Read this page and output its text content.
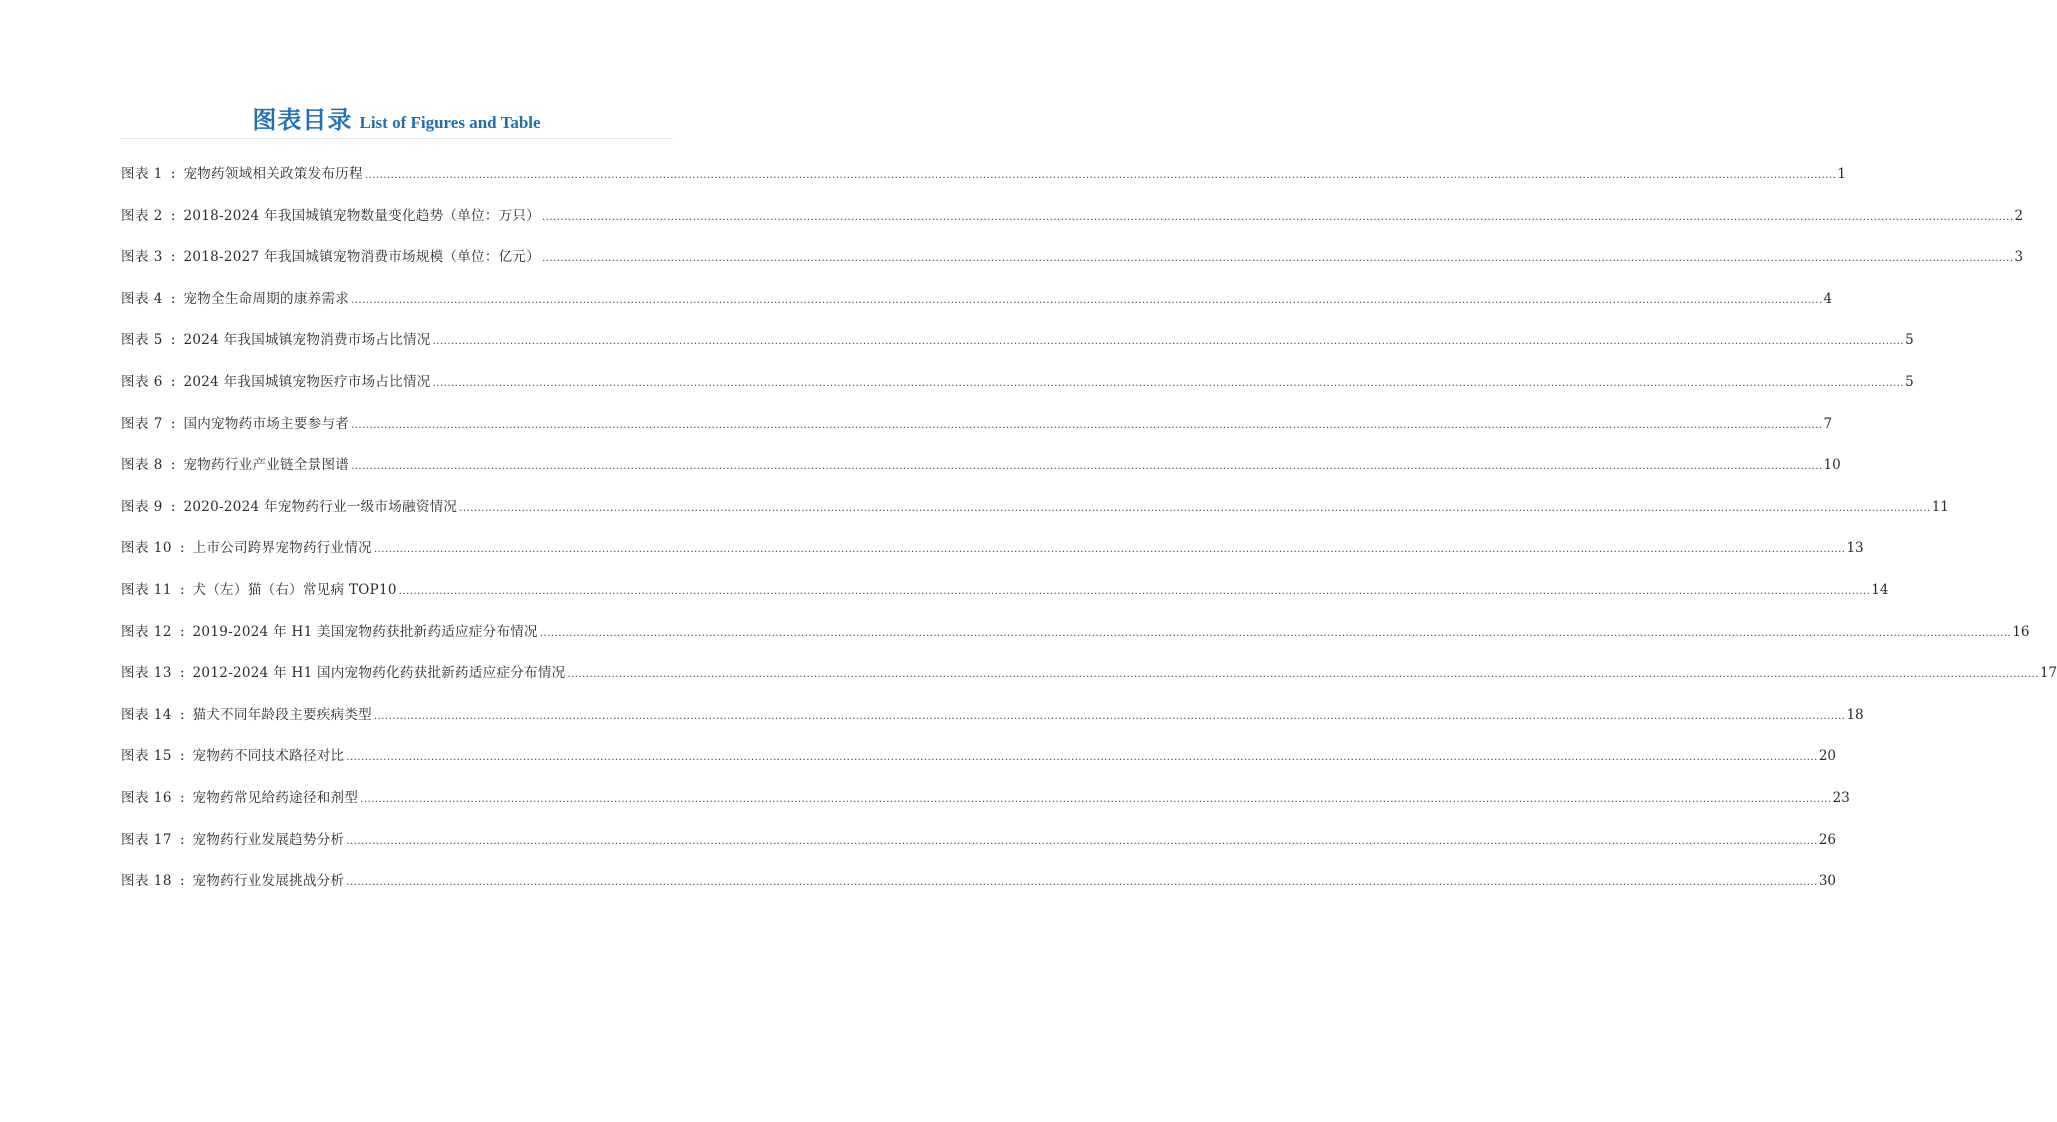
图表目录 List of Figures and Table
图表 1 : 宠物药领域相关政策发布历程 ................................................................................................................................................................................................................................................................................................................................................................................................................ 1
图表 2 : 2018-2024 年我国城镇宠物数量变化趋势（单位：万只） ................................................................................................................................................................................................................................................................................................................................................................................................................ 2
图表 3 : 2018-2027 年我国城镇宠物消费市场规模（单位：亿元） ................................................................................................................................................................................................................................................................................................................................................................................................................ 3
图表 4 : 宠物全生命周期的康养需求 ................................................................................................................................................................................................................................................................................................................................................................................................................ 4
图表 5 : 2024 年我国城镇宠物消费市场占比情况 ................................................................................................................................................................................................................................................................................................................................................................................................................ 5
图表 6 : 2024 年我国城镇宠物医疗市场占比情况 ................................................................................................................................................................................................................................................................................................................................................................................................................ 5
图表 7 : 国内宠物药市场主要参与者 ................................................................................................................................................................................................................................................................................................................................................................................................................ 7
图表 8 : 宠物药行业产业链全景图谱 ................................................................................................................................................................................................................................................................................................................................................................................................................ 10
图表 9 : 2020-2024 年宠物药行业一级市场融资情况 ................................................................................................................................................................................................................................................................................................................................................................................................................ 11
图表 10 : 上市公司跨界宠物药行业情况 ................................................................................................................................................................................................................................................................................................................................................................................................................ 13
图表 11 : 犬（左）猫（右）常见病 TOP10 ................................................................................................................................................................................................................................................................................................................................................................................................................ 14
图表 12 : 2019-2024 年 H1 美国宠物药获批新药适应症分布情况 ................................................................................................................................................................................................................................................................................................................................................................................................................ 16
图表 13 : 2012-2024 年 H1 国内宠物药化药获批新药适应症分布情况 ................................................................................................................................................................................................................................................................................................................................................................................................................ 17
图表 14 : 猫犬不同年龄段主要疾病类型 ................................................................................................................................................................................................................................................................................................................................................................................................................ 18
图表 15 : 宠物药不同技术路径对比 ................................................................................................................................................................................................................................................................................................................................................................................................................ 20
图表 16 : 宠物药常见给药途径和剂型 ................................................................................................................................................................................................................................................................................................................................................................................................................ 23
图表 17 : 宠物药行业发展趋势分析 ................................................................................................................................................................................................................................................................................................................................................................................................................ 26
图表 18 : 宠物药行业发展挑战分析 ................................................................................................................................................................................................................................................................................................................................................................................................................ 30
